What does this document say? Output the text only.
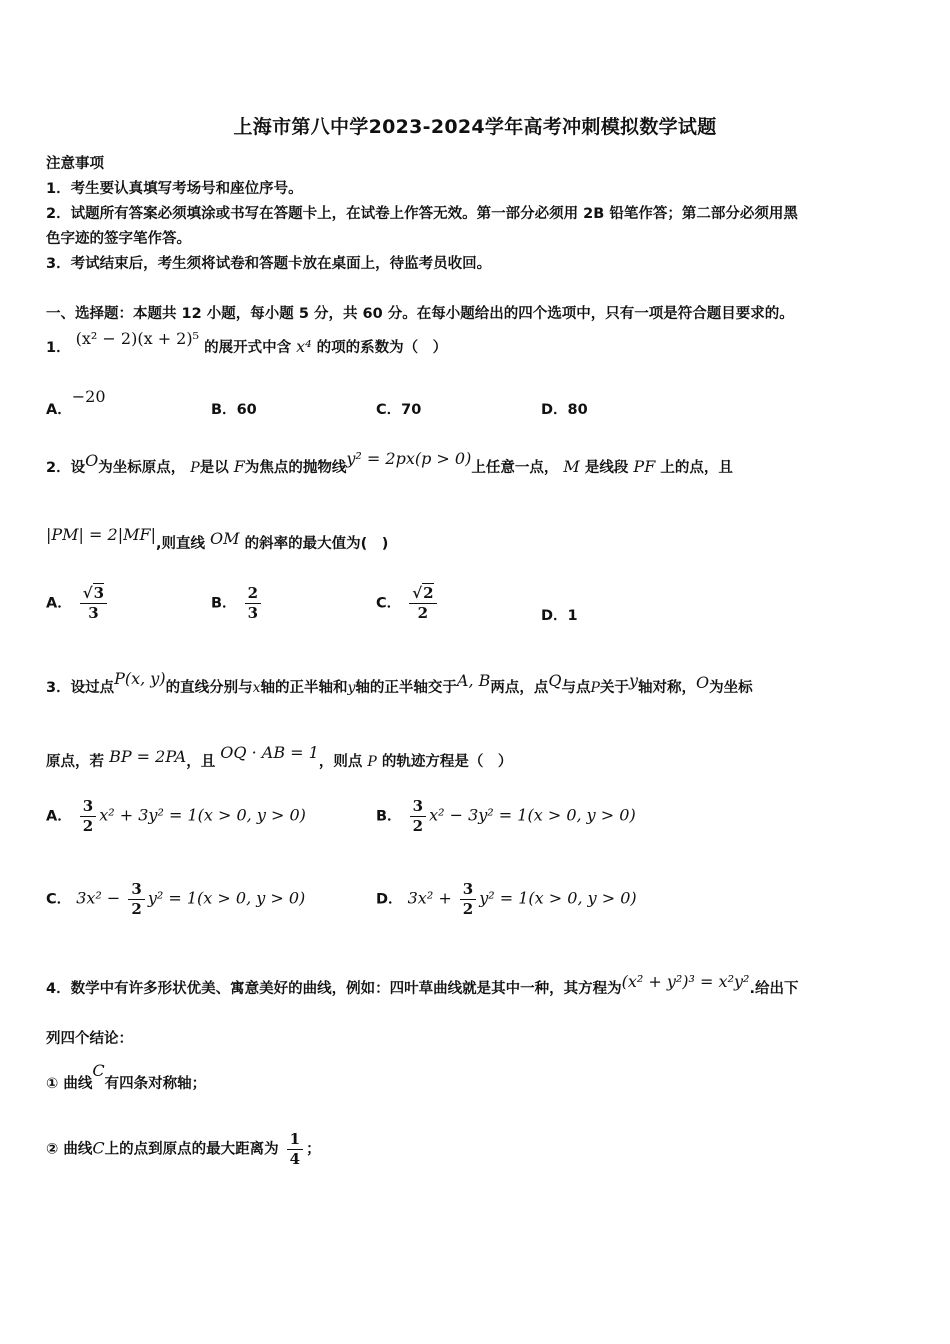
上海市第八中学2023-2024学年高考冲刺模拟数学试题
注意事项
1．考生要认真填写考场号和座位序号。
2．试题所有答案必须填涂或书写在答题卡上，在试卷上作答无效。第一部分必须用 2B 铅笔作答；第二部分必须用黑
色字迹的签字笔作答。
3．考试结束后，考生须将试卷和答题卡放在桌面上，待监考员收回。
一、选择题：本题共 12 小题，每小题 5 分，共 60 分。在每小题给出的四个选项中，只有一项是符合题目要求的。
1． (x² − 2)(x + 2)⁵ 的展开式中含 x⁴ 的项的系数为（　）
A．−20
B．60	C．70	D．80
2．设O为坐标原点， P是以 F为焦点的抛物线y² = 2px(p > 0)上任意一点， M 是线段 PF 上的点，且
|PM| = 2|MF|,则直线 OM 的斜率的最大值为(　)
A． $\frac{√3}{3}$	B． $\frac{2}{3}$	C． $\frac{√2}{2}$	D．1
3．设过点P(x, y)的直线分别与x轴的正半轴和y轴的正半轴交于A, B两点，点Q与点P关于y轴对称，O为坐标
原点，若 BP = 2PA，且 OQ · AB = 1，则点 P 的轨迹方程是（　）
A． $\frac{3}{2} x^2 + 3y^2 = 1(x > 0$, y > 0)	B． $\frac{3}{2} x^2 - 3y^2 = 1(x > 0$, y > 0)
C． $3x^2 - \frac{3}{2} y^2 = 1(x > 0$, y > 0)	D． $3x^2 + \frac{3}{2} y^2 = 1(x > 0$, y > 0)
4．数学中有许多形状优美、寓意美好的曲线，例如：四叶草曲线就是其中一种，其方程为(x² + y²)³ = x²y².给出下
列四个结论：
① 曲线C有四条对称轴；
② 曲线C上的点到原点的最大距离为 $\frac{1}{4}$ ；
